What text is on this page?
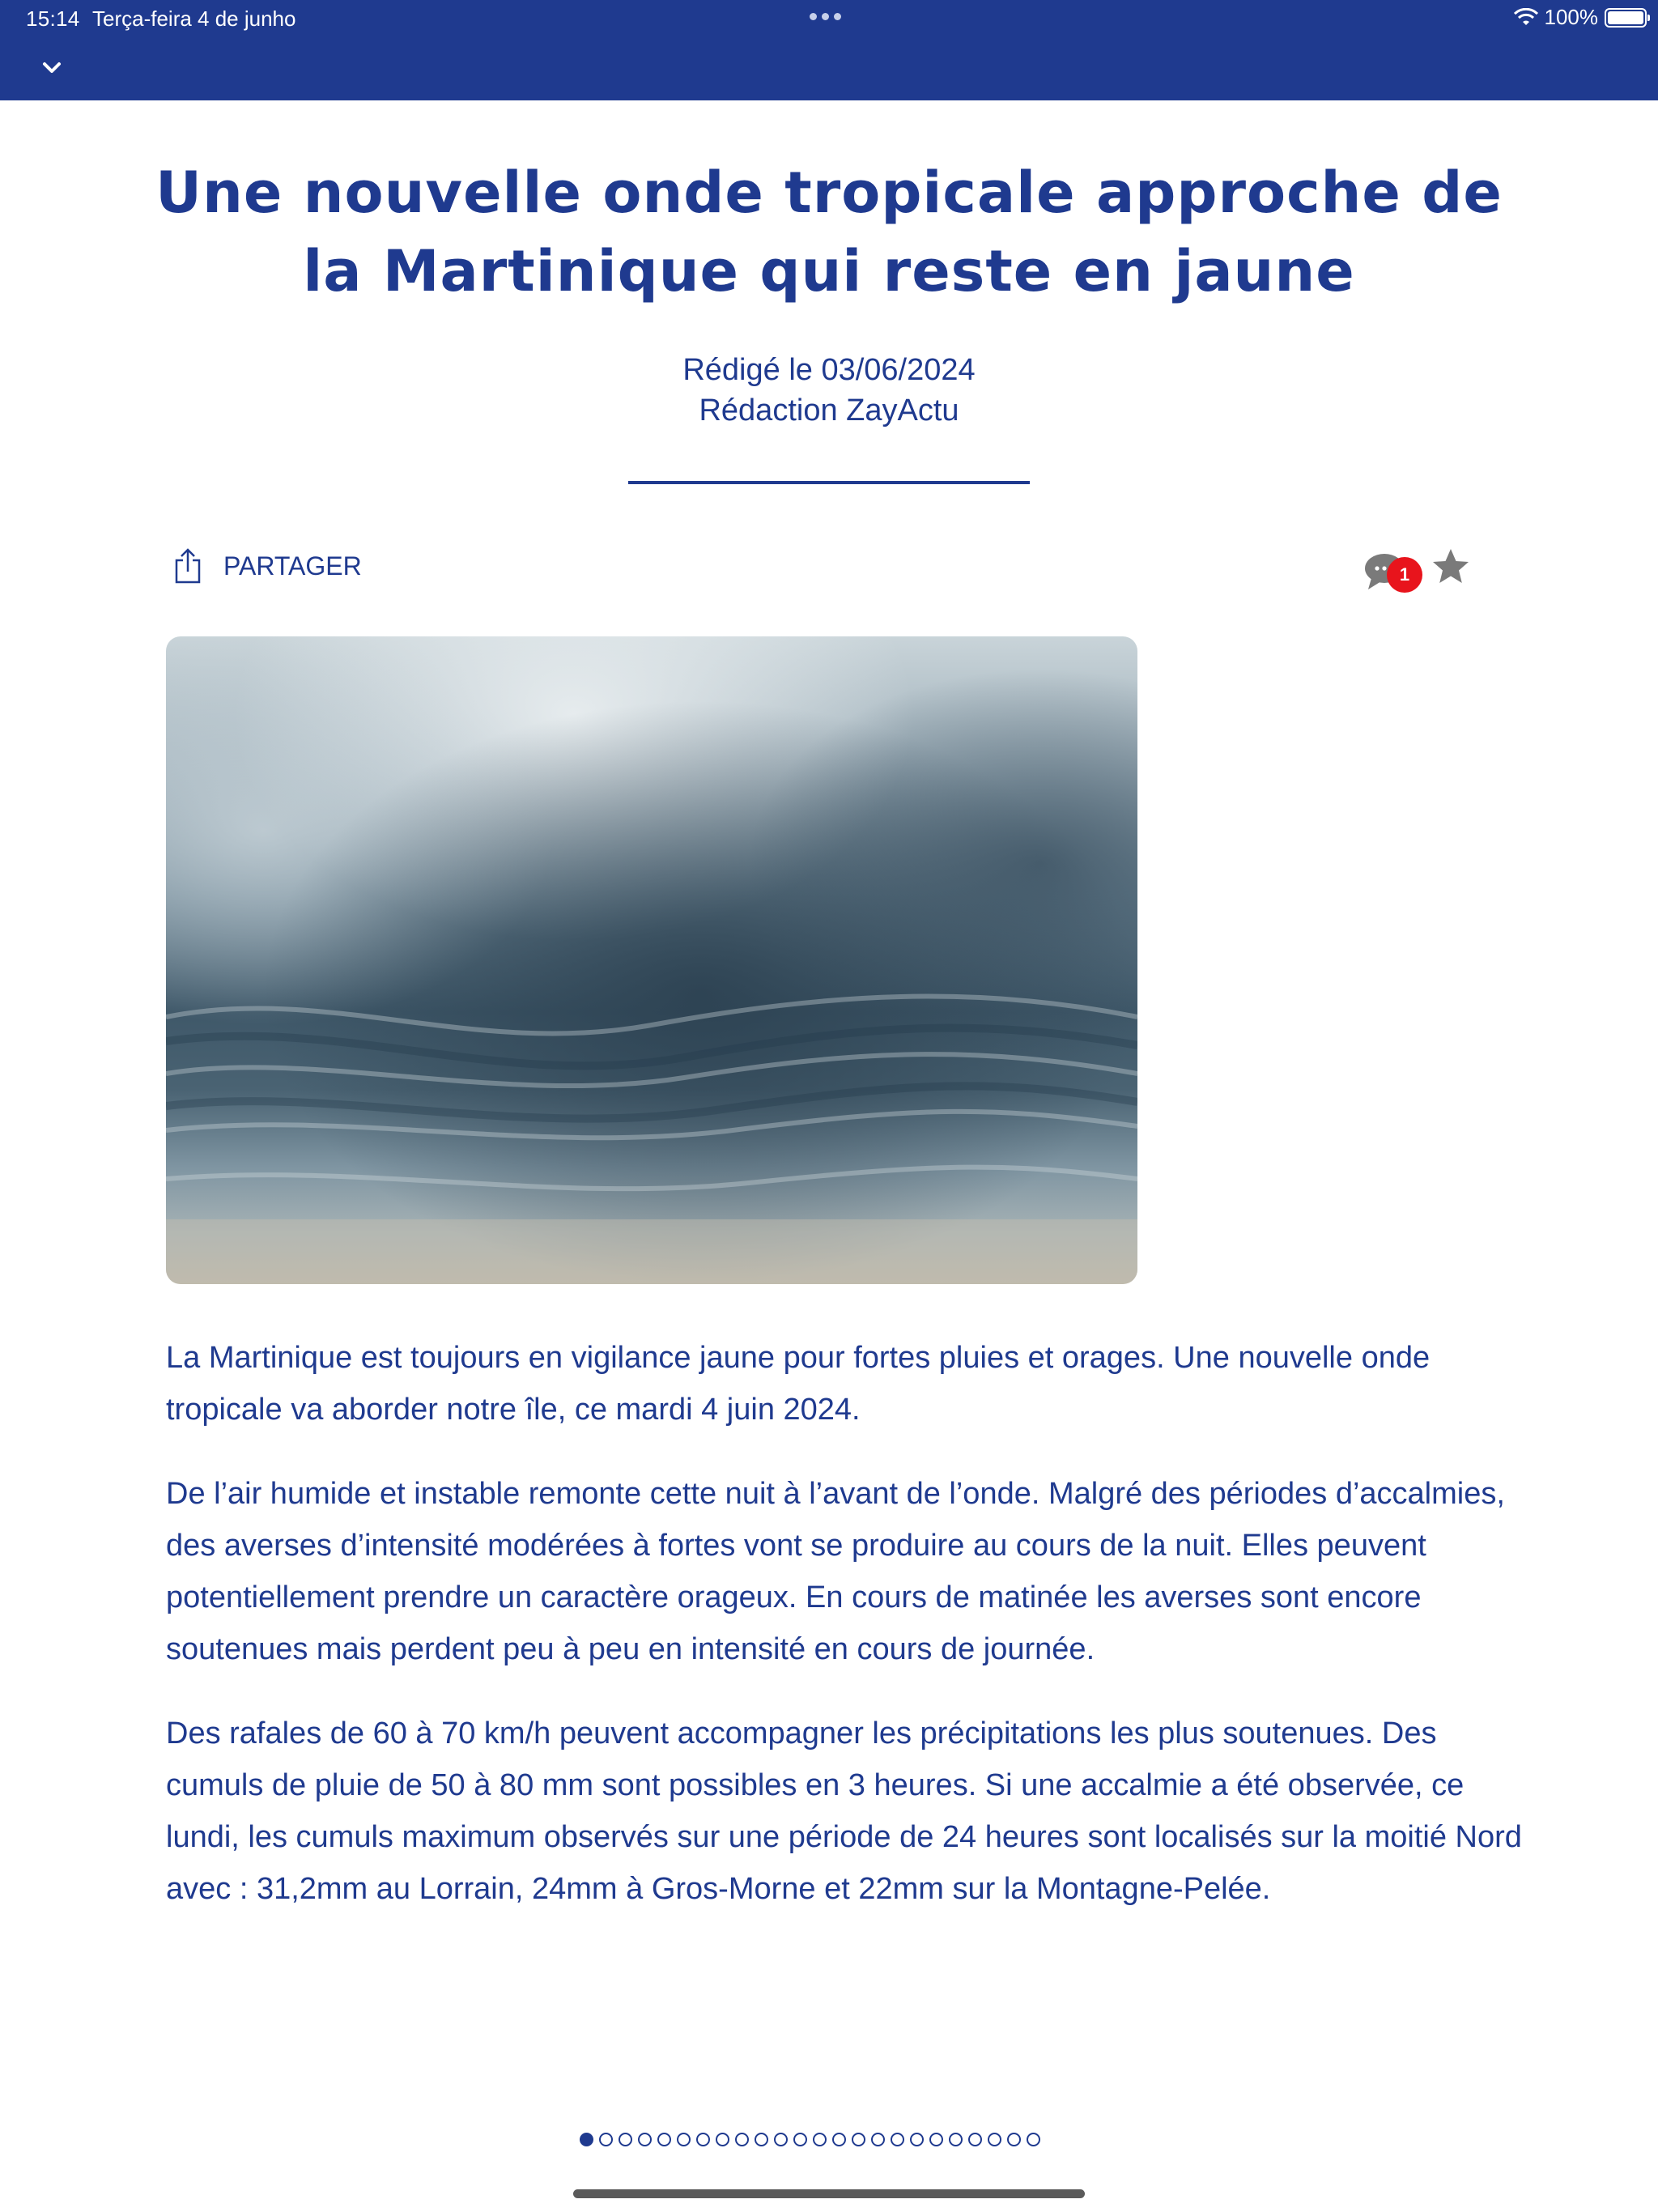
15:14 Terça-feira 4 de junho	100%
Une nouvelle onde tropicale approche de la Martinique qui reste en jaune
Rédigé le 03/06/2024
Rédaction ZayActu
PARTAGER	1

La Martinique est toujours en vigilance jaune pour fortes pluies et orages. Une nouvelle onde tropicale va aborder notre île, ce mardi 4 juin 2024.

De l’air humide et instable remonte cette nuit à l’avant de l’onde. Malgré des périodes d’accalmies, des averses d’intensité modérées à fortes vont se produire au cours de la nuit. Elles peuvent potentiellement prendre un caractère orageux. En cours de matinée les averses sont encore soutenues mais perdent peu à peu en intensité en cours de journée.

Des rafales de 60 à 70 km/h peuvent accompagner les précipitations les plus soutenues. Des cumuls de pluie de 50 à 80 mm sont possibles en 3 heures. Si une accalmie a été observée, ce lundi, les cumuls maximum observés sur une période de 24 heures sont localisés sur la moitié Nord avec : 31,2mm au Lorrain, 24mm à Gros-Morne et 22mm sur la Montagne-Pelée.
